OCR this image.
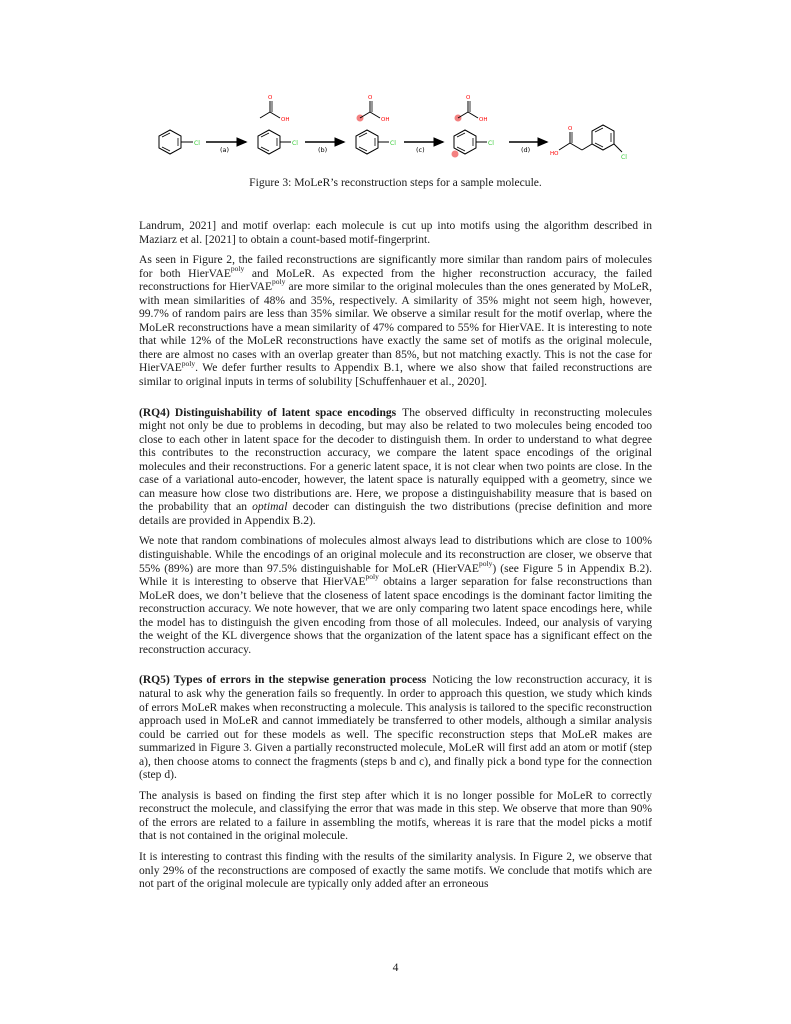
Cl
(a)
Cl
O
OH
(b)
Cl
O
OH
(c)
Cl
O
OH
(d)	HO
O
Cl
Figure 3: MoLeR’s reconstruction steps for a sample molecule.

Landrum, 2021] and motif overlap: each molecule is cut up into motifs using the algorithm described in Maziarz et al. [2021] to obtain a count-based motif-fingerprint.

As seen in Figure 2, the failed reconstructions are significantly more similar than random pairs of molecules for both HierVAE$^{poly}$ and MoLeR. As expected from the higher reconstruction accuracy, the failed reconstructions for HierVAE$^{poly}$ are more similar to the original molecules than the ones generated by MoLeR, with mean similarities of 48% and 35%, respectively. A similarity of 35% might not seem high, however, 99.7% of random pairs are less than 35% similar. We observe a similar result for the motif overlap, where the MoLeR reconstructions have a mean similarity of 47% compared to 55% for HierVAE. It is interesting to note that while 12% of the MoLeR reconstructions have exactly the same set of motifs as the original molecule, there are almost no cases with an overlap greater than 85%, but not matching exactly. This is not the case for HierVAE$^{poly}$. We defer further results to Appendix B.1, where we also show that failed reconstructions are similar to original inputs in terms of solubility [Schuffenhauer et al., 2020].

(RQ4) Distinguishability of latent space encodings The observed difficulty in reconstructing molecules might not only be due to problems in decoding, but may also be related to two molecules being encoded too close to each other in latent space for the decoder to distinguish them. In order to understand to what degree this contributes to the reconstruction accuracy, we compare the latent space encodings of the original molecules and their reconstructions. For a generic latent space, it is not clear when two points are close. In the case of a variational auto-encoder, however, the latent space is naturally equipped with a geometry, since we can measure how close two distributions are. Here, we propose a distinguishability measure that is based on the probability that an optimal decoder can distinguish the two distributions (precise definition and more details are provided in Appendix B.2).

We note that random combinations of molecules almost always lead to distributions which are close to 100% distinguishable. While the encodings of an original molecule and its reconstruction are closer, we observe that 55% (89%) are more than 97.5% distinguishable for MoLeR (HierVAE$^{poly}$) (see Figure 5 in Appendix B.2). While it is interesting to observe that HierVAE$^{poly}$ obtains a larger separation for false reconstructions than MoLeR does, we don’t believe that the closeness of latent space encodings is the dominant factor limiting the reconstruction accuracy. We note however, that we are only comparing two latent space encodings here, while the model has to distinguish the given encoding from those of all molecules. Indeed, our analysis of varying the weight of the KL divergence shows that the organization of the latent space has a significant effect on the reconstruction accuracy.

(RQ5) Types of errors in the stepwise generation process Noticing the low reconstruction accuracy, it is natural to ask why the generation fails so frequently. In order to approach this question, we study which kinds of errors MoLeR makes when reconstructing a molecule. This analysis is tailored to the specific reconstruction approach used in MoLeR and cannot immediately be transferred to other models, although a similar analysis could be carried out for these models as well. The specific reconstruction steps that MoLeR makes are summarized in Figure 3. Given a partially reconstructed molecule, MoLeR will first add an atom or motif (step a), then choose atoms to connect the fragments (steps b and c), and finally pick a bond type for the connection (step d).

The analysis is based on finding the first step after which it is no longer possible for MoLeR to correctly reconstruct the molecule, and classifying the error that was made in this step. We observe that more than 90% of the errors are related to a failure in assembling the motifs, whereas it is rare that the model picks a motif that is not contained in the original molecule.

It is interesting to contrast this finding with the results of the similarity analysis. In Figure 2, we observe that only 29% of the reconstructions are composed of exactly the same motifs. We conclude that motifs which are not part of the original molecule are typically only added after an erroneous

4
